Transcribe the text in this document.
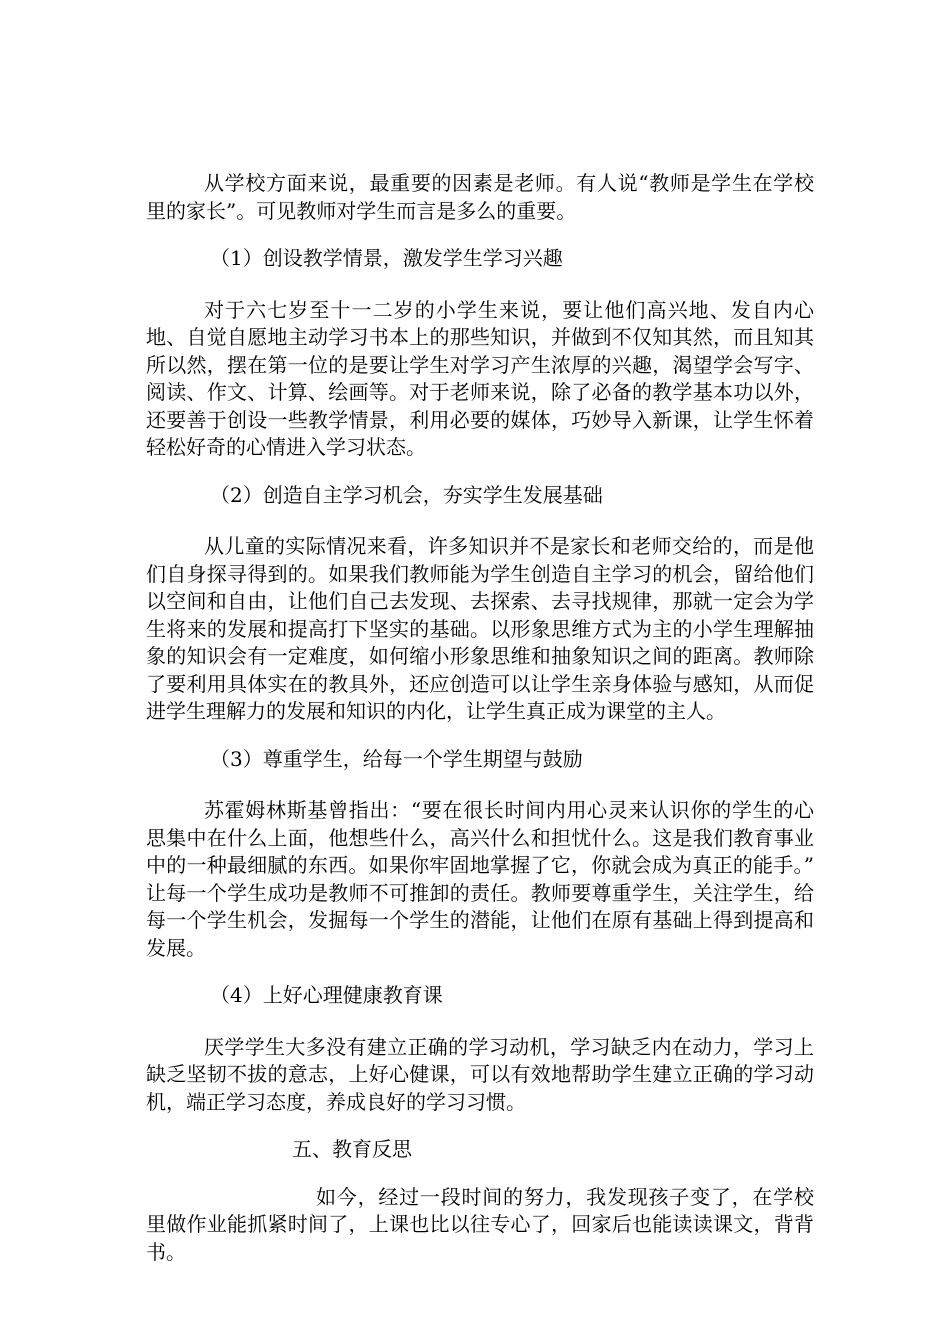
从学校方面来说，最重要的因素是老师。有人说“教师是学生在学校里的家长”。可见教师对学生而言是多么的重要。

（1）创设教学情景，激发学生学习兴趣

对于六七岁至十一二岁的小学生来说，要让他们高兴地、发自内心地、自觉自愿地主动学习书本上的那些知识，并做到不仅知其然，而且知其所以然，摆在第一位的是要让学生对学习产生浓厚的兴趣，渴望学会写字、阅读、作文、计算、绘画等。对于老师来说，除了必备的教学基本功以外，还要善于创设一些教学情景，利用必要的媒体，巧妙导入新课，让学生怀着轻松好奇的心情进入学习状态。

（2）创造自主学习机会，夯实学生发展基础

从儿童的实际情况来看，许多知识并不是家长和老师交给的，而是他们自身探寻得到的。如果我们教师能为学生创造自主学习的机会，留给他们以空间和自由，让他们自己去发现、去探索、去寻找规律，那就一定会为学生将来的发展和提高打下坚实的基础。以形象思维方式为主的小学生理解抽象的知识会有一定难度，如何缩小形象思维和抽象知识之间的距离。教师除了要利用具体实在的教具外，还应创造可以让学生亲身体验与感知，从而促进学生理解力的发展和知识的内化，让学生真正成为课堂的主人。

（3）尊重学生，给每一个学生期望与鼓励

苏霍姆林斯基曾指出：“要在很长时间内用心灵来认识你的学生的心思集中在什么上面，他想些什么，高兴什么和担忧什么。这是我们教育事业中的一种最细腻的东西。如果你牢固地掌握了它，你就会成为真正的能手。” 让每一个学生成功是教师不可推卸的责任。教师要尊重学生，关注学生，给每一个学生机会，发掘每一个学生的潜能，让他们在原有基础上得到提高和发展。

（4）上好心理健康教育课

厌学学生大多没有建立正确的学习动机，学习缺乏内在动力，学习上缺乏坚韧不拔的意志，上好心健课，可以有效地帮助学生建立正确的学习动机，端正学习态度，养成良好的学习习惯。

五、教育反思

如今，经过一段时间的努力，我发现孩子变了，在学校里做作业能抓紧时间了，上课也比以往专心了，回家后也能读读课文，背背书。
